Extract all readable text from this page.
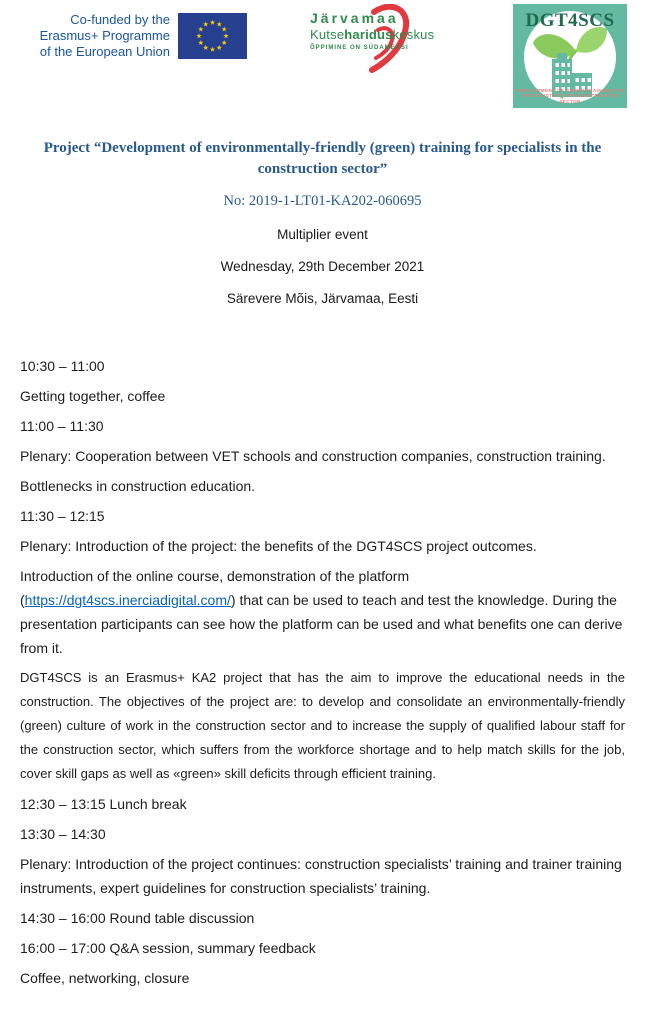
Co-funded by the
Erasmus+ Programme
of the European Union
Järvamaa
Kutsehariduskeskus
ÕPPIMINE ON SÜDAMEASI
DGT4SCS
DEVELOPMENT OF GREEN TRAINING FOR
SPECIALISTS IN THE CONSTRUCTION SECTOR
Project “Development of environmentally-friendly (green) training for specialists in the construction sector”
No: 2019-1-LT01-KA202-060695
Multiplier event
Wednesday, 29th December 2021
Särevere Mõis, Järvamaa, Eesti

10:30 – 11:00

Getting together, coffee

11:00 – 11:30

Plenary: Cooperation between VET schools and construction companies, construction training.

Bottlenecks in construction education.

11:30 – 12:15

Plenary: Introduction of the project: the benefits of the DGT4SCS project outcomes.

Introduction of the online course, demonstration of the platform (https://dgt4scs.inerciadigital.com/) that can be used to teach and test the knowledge. During the presentation participants can see how the platform can be used and what benefits one can derive from it.

DGT4SCS is an Erasmus+ KA2 project that has the aim to improve the educational needs in the construction. The objectives of the project are: to develop and consolidate an environmentally-friendly (green) culture of work in the construction sector and to increase the supply of qualified labour staff for the construction sector, which suffers from the workforce shortage and to help match skills for the job, cover skill gaps as well as «green» skill deficits through efficient training.

12:30 – 13:15 Lunch break

13:30 – 14:30

Plenary: Introduction of the project continues: construction specialists’ training and trainer training instruments, expert guidelines for construction specialists’ training.

14:30 – 16:00 Round table discussion

16:00 – 17:00 Q&A session, summary feedback

Coffee, networking, closure
